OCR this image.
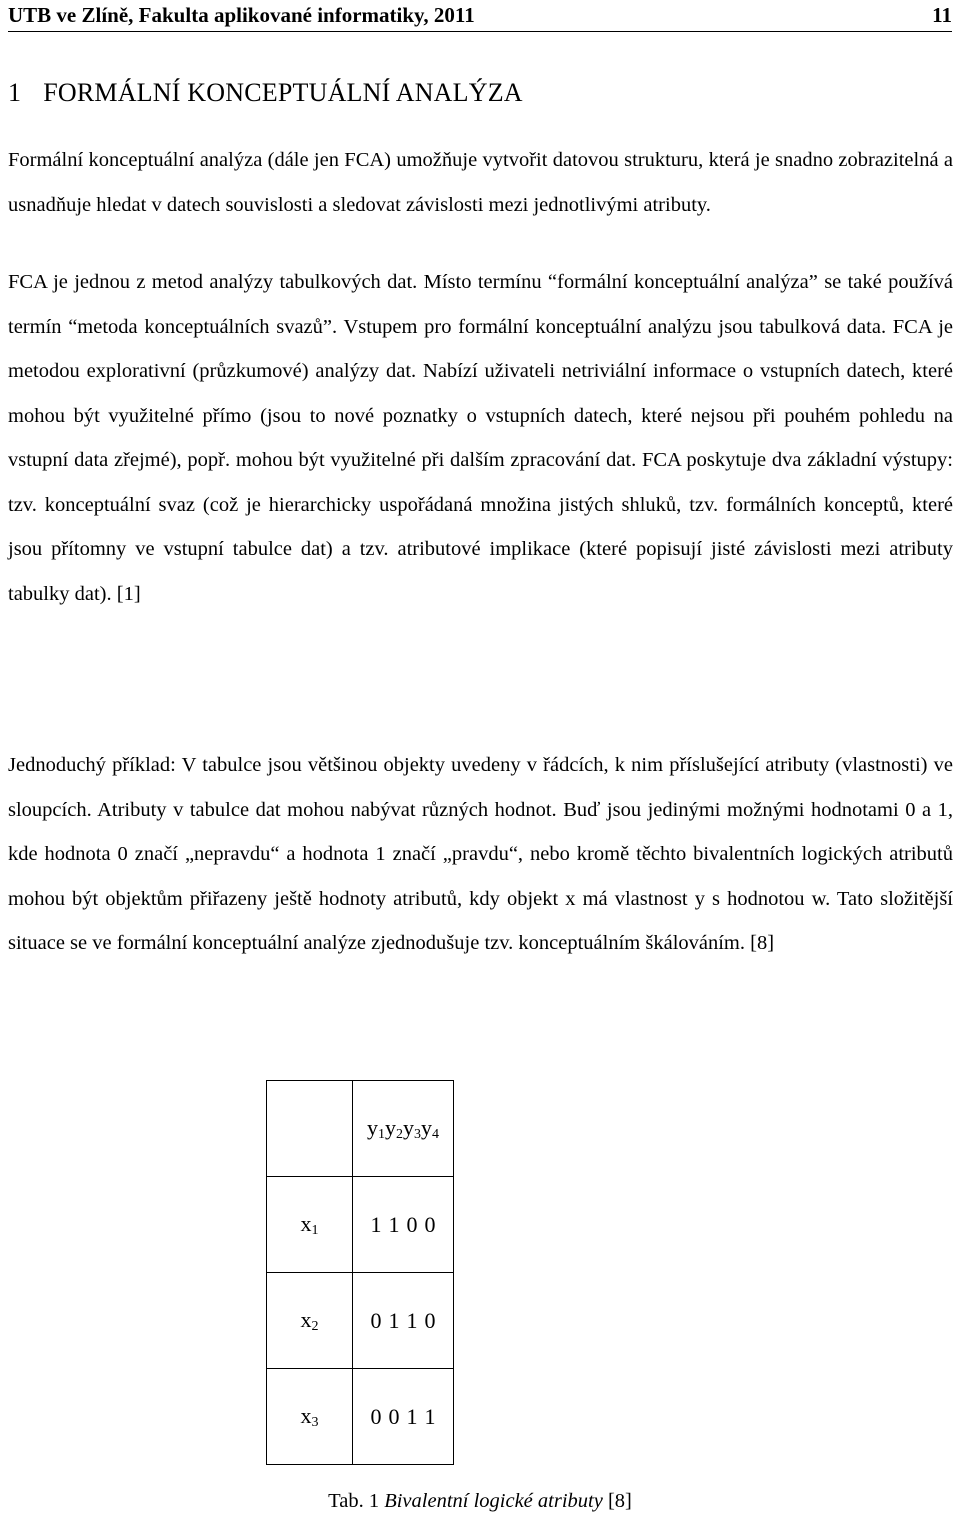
UTB ve Zlíně, Fakulta aplikované informatiky, 2011	11
1 FORMÁLNÍ KONCEPTUÁLNÍ ANALÝZA

Formální konceptuální analýza (dále jen FCA) umožňuje vytvořit datovou strukturu, která je snadno zobrazitelná a usnadňuje hledat v datech souvislosti a sledovat závislosti mezi jednotlivými atributy.

FCA je jednou z metod analýzy tabulkových dat. Místo termínu “formální konceptuální analýza” se také používá termín “metoda konceptuálních svazů”. Vstupem pro formální konceptuální analýzu jsou tabulková data. FCA je metodou explorativní (průzkumové) analýzy dat. Nabízí uživateli netriviální informace o vstupních datech, které mohou být využitelné přímo (jsou to nové poznatky o vstupních datech, které nejsou při pouhém pohledu na vstupní data zřejmé), popř. mohou být využitelné při dalším zpracování dat. FCA poskytuje dva základní výstupy: tzv. konceptuální svaz (což je hierarchicky uspořádaná množina jistých shluků, tzv. formálních konceptů, které jsou přítomny ve vstupní tabulce dat) a tzv. atributové implikace (které popisují jisté závislosti mezi atributy tabulky dat). [1]

Jednoduchý příklad: V tabulce jsou většinou objekty uvedeny v řádcích, k nim příslušející atributy (vlastnosti) ve sloupcích. Atributy v tabulce dat mohou nabývat různých hodnot. Buď jsou jedinými možnými hodnotami 0 a 1, kde hodnota 0 značí „nepravdu“ a hodnota 1 značí „pravdu“, nebo kromě těchto bivalentních logických atributů mohou být objektům přiřazeny ještě hodnoty atributů, kdy objekt x má vlastnost y s hodnotou w. Tato složitější situace se ve formální konceptuální analýze zjednodušuje tzv. konceptuálním škálováním. [8]

	$y_1$ $y_2$ $y_3$ $y_4$

$x_1$	1 1 0 0

$x_2$	0 1 1 0

$x_3$	0 0 1 1

Tab. 1 Bivalentní logické atributy [8]
